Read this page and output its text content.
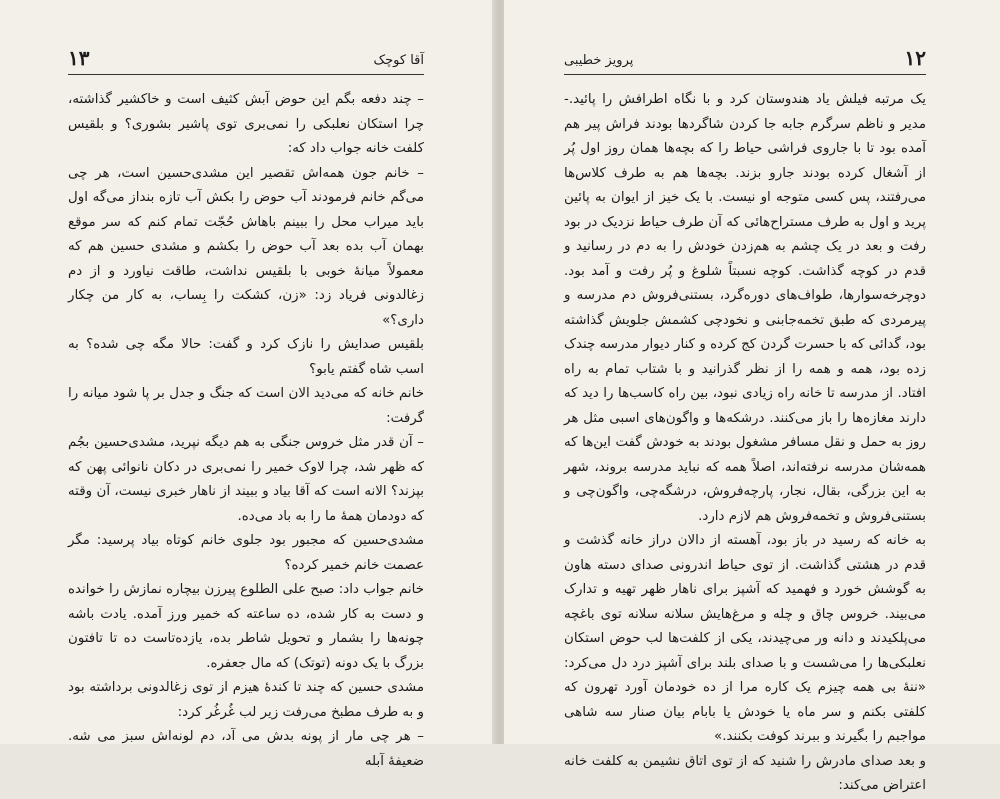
۱۳	آقا کوچک

– چند دفعه بگم این حوض آبش کثیف است و خاکشیر گذاشته، چرا استکان نعلبکی را نمی‌بری توی پاشیر بشوری؟ و بلقیس کلفت خانه جواب داد که:

– خانم جون همه‌اش تقصیر این مشدی‌حسین است، هر چی می‌گم خانم فرمودند آب حوض را بکش آب تازه بنداز می‌گه اول باید میراب محل را ببینم باهاش حُجّت تمام کنم که سر موقع بهمان آب بده بعد آب حوض را بکشم و مشدی حسین هم که معمولاً میانهٔ خوبی با بلقیس نداشت، طاقت نیاورد و از دم زغالدونی فریاد زد: «زن، کشکت را بِساب، به کار من چکار داری؟»

بلقیس صدایش را نازک کرد و گفت: حالا مگه چی شده؟ به اسب شاه گفتم یابو؟

خانم خانه که می‌دید الان است که جنگ و جدل بر پا شود میانه را گرفت:

– آن قدر مثل خروس جنگی به هم دیگه نپرید، مشدی‌حسین بجُم که ظهر شد، چرا لاوک خمیر را نمی‌بری در دکان نانوائی پهن که بپزند؟ الانه است که آقا بیاد و ببیند از ناهار خبری نیست، آن وقته که دودمان همهٔ ما را به باد می‌ده.

مشدی‌حسین که مجبور بود جلوی خانم کوتاه بیاد پرسید: مگر عصمت خانم خمیر کرده؟

خانم جواب داد: صبح علی الطلوع پیرزن بیچاره نمازش را خوانده و دست به کار شده، ده ساعته که خمیر ورز آمده. یادت باشه چونه‌ها را بشمار و تحویل شاطر بده، یازده‌تاست ده تا تافتون بزرگ با یک دونه (توتک) که مال جعفره.

مشدی حسین که چند تا کندهٔ هیزم از توی زغالدونی برداشته بود و به طرف مطبخ می‌رفت زیر لب غُرغُر کرد:

– هر چی مار از پونه بدش می آد، دم لونه‌اش سبز می شه. ضعیفهٔ آبله

۱۲
پرویز خطیبی

یک مرتبه فیلش یاد هندوستان کرد و با نگاه اطرافش را پائید.- مدیر و ناظم سرگرم جابه جا کردن شاگردها بودند فراش پیر هم آمده بود تا با جاروی فراشی حیاط را که بچه‌ها همان روز اول پُر از آشغال کرده بودند جارو بزند. بچه‌ها هم به طرف کلاس‌ها می‌رفتند، پس کسی متوجه او نیست. با یک خیز از ایوان به پائین پرید و اول به طرف مستراح‌هائی که آن طرف حیاط نزدیک در بود رفت و بعد در یک چشم به هم‌زدن خودش را به دم در رسانید و قدم در کوچه گذاشت. کوچه نسبتاً شلوغ و پُر رفت و آمد بود. دوچرخه‌سوارها، طواف‌های دوره‌گرد، بستنی‌فروش دم مدرسه و پیرمردی که طبق تخمه‌جابنی و نخودچی کشمش جلویش گذاشته بود، گدائی که با حسرت گردن کج کرده و کنار دیوار مدرسه چندک زده بود، همه و همه را از نظر گذرانید و با شتاب تمام به راه افتاد. از مدرسه تا خانه راه زیادی نبود، بین راه کاسب‌ها را دید که دارند مغازه‌ها را باز می‌کنند. درشکه‌ها و واگون‌های اسبی مثل هر روز به حمل و نقل مسافر مشغول بودند به خودش گفت این‌ها که همه‌شان مدرسه نرفته‌اند، اصلاً همه که نباید مدرسه بروند، شهر به این بزرگی، بقال، نجار، پارچه‌فروش، درشگه‌چی، واگون‌چی و بستنی‌فروش و تخمه‌فروش هم لازم دارد.

به خانه که رسید در باز بود، آهسته از دالان دراز خانه گذشت و قدم در هشتی گذاشت. از توی حیاط اندرونی صدای دسته هاون به گوشش خورد و فهمید که آشپز برای ناهار ظهر تهیه و تدارک می‌بیند. خروس چاق و چله و مرغ‌هایش سلانه سلانه توی باغچه می‌پلکیدند و دانه ور می‌چیدند، یکی از کلفت‌ها لب حوض استکان نعلبکی‌ها را می‌شست و با صدای بلند برای آشپز درد دل می‌کرد: «ننهٔ بی همه چیزم یک کاره مرا از ده خودمان آورد تهرون که کلفتی بکنم و سر ماه یا خودش یا بابام بیان صنار سه شاهی مواجبم را بگیرند و ببرند کوفت بکنند.»

و بعد صدای مادرش را شنید که از توی اتاق نشیمن به کلفت خانه اعتراض می‌کند:
